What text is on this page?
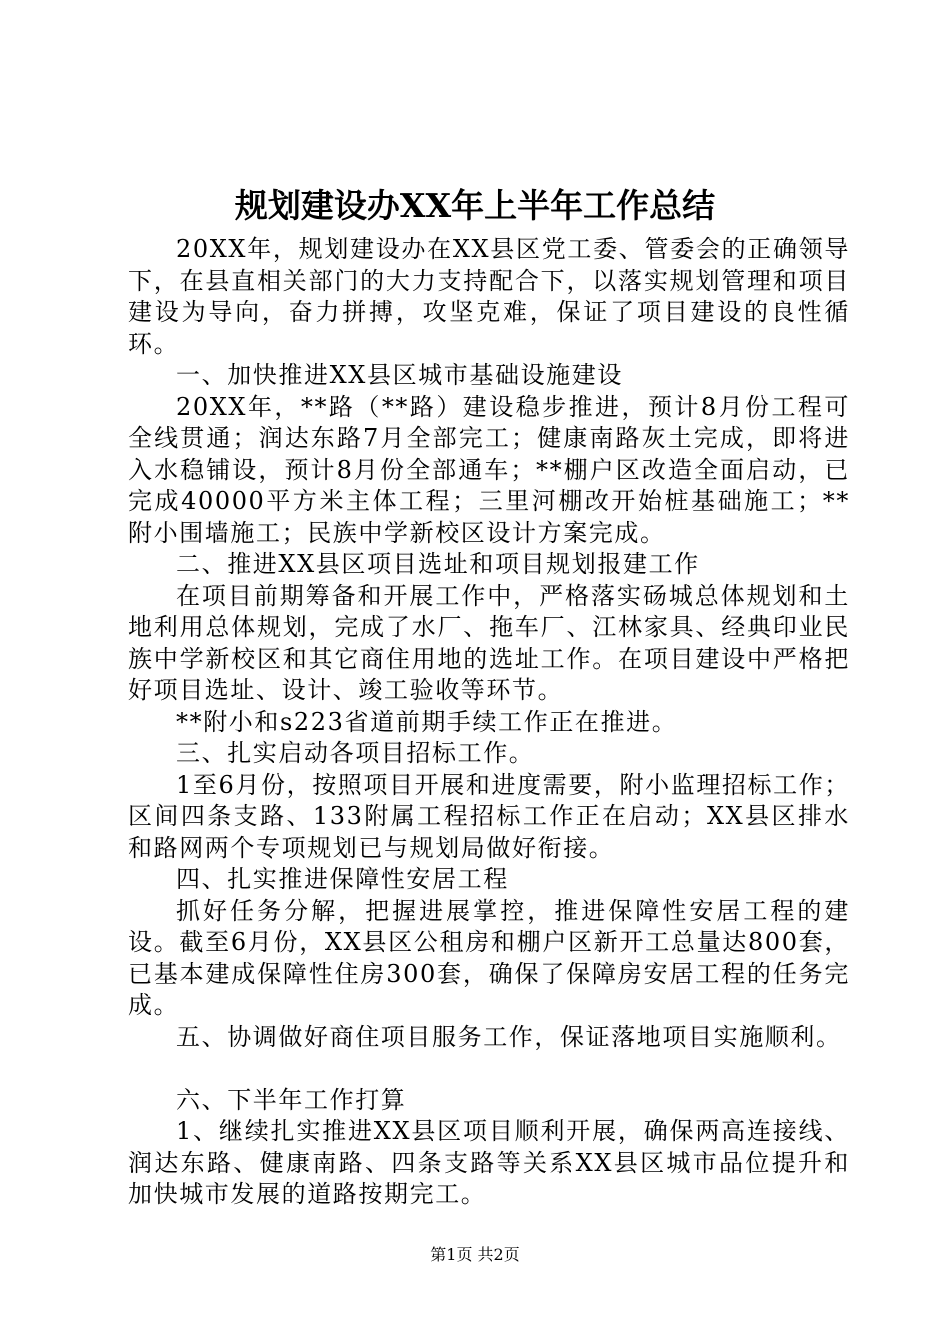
规划建设办XX年上半年工作总结

20XX年，规划建设办在XX县区党工委、管委会的正确领导下，在县直相关部门的大力支持配合下，以落实规划管理和项目建设为导向，奋力拼搏，攻坚克难，保证了项目建设的良性循环。

一、加快推进XX县区城市基础设施建设

20XX年，**路（**路）建设稳步推进，预计8月份工程可全线贯通；润达东路7月全部完工；健康南路灰土完成，即将进入水稳铺设，预计8月份全部通车；**棚户区改造全面启动，已完成40000平方米主体工程；三里河棚改开始桩基础施工；**附小围墙施工；民族中学新校区设计方案完成。

二、推进XX县区项目选址和项目规划报建工作

在项目前期筹备和开展工作中，严格落实砀城总体规划和土地利用总体规划，完成了水厂、拖车厂、江林家具、经典印业民族中学新校区和其它商住用地的选址工作。在项目建设中严格把好项目选址、设计、竣工验收等环节。

**附小和s223省道前期手续工作正在推进。

三、扎实启动各项目招标工作。

1至6月份，按照项目开展和进度需要，附小监理招标工作；区间四条支路、133附属工程招标工作正在启动；XX县区排水和路网两个专项规划已与规划局做好衔接。

四、扎实推进保障性安居工程

抓好任务分解，把握进展掌控，推进保障性安居工程的建设。截至6月份，XX县区公租房和棚户区新开工总量达800套，已基本建成保障性住房300套，确保了保障房安居工程的任务完成。

五、协调做好商住项目服务工作，保证落地项目实施顺利。

六、下半年工作打算

1、继续扎实推进XX县区项目顺利开展，确保两高连接线、润达东路、健康南路、四条支路等关系XX县区城市品位提升和加快城市发展的道路按期完工。

第1页 共2页
